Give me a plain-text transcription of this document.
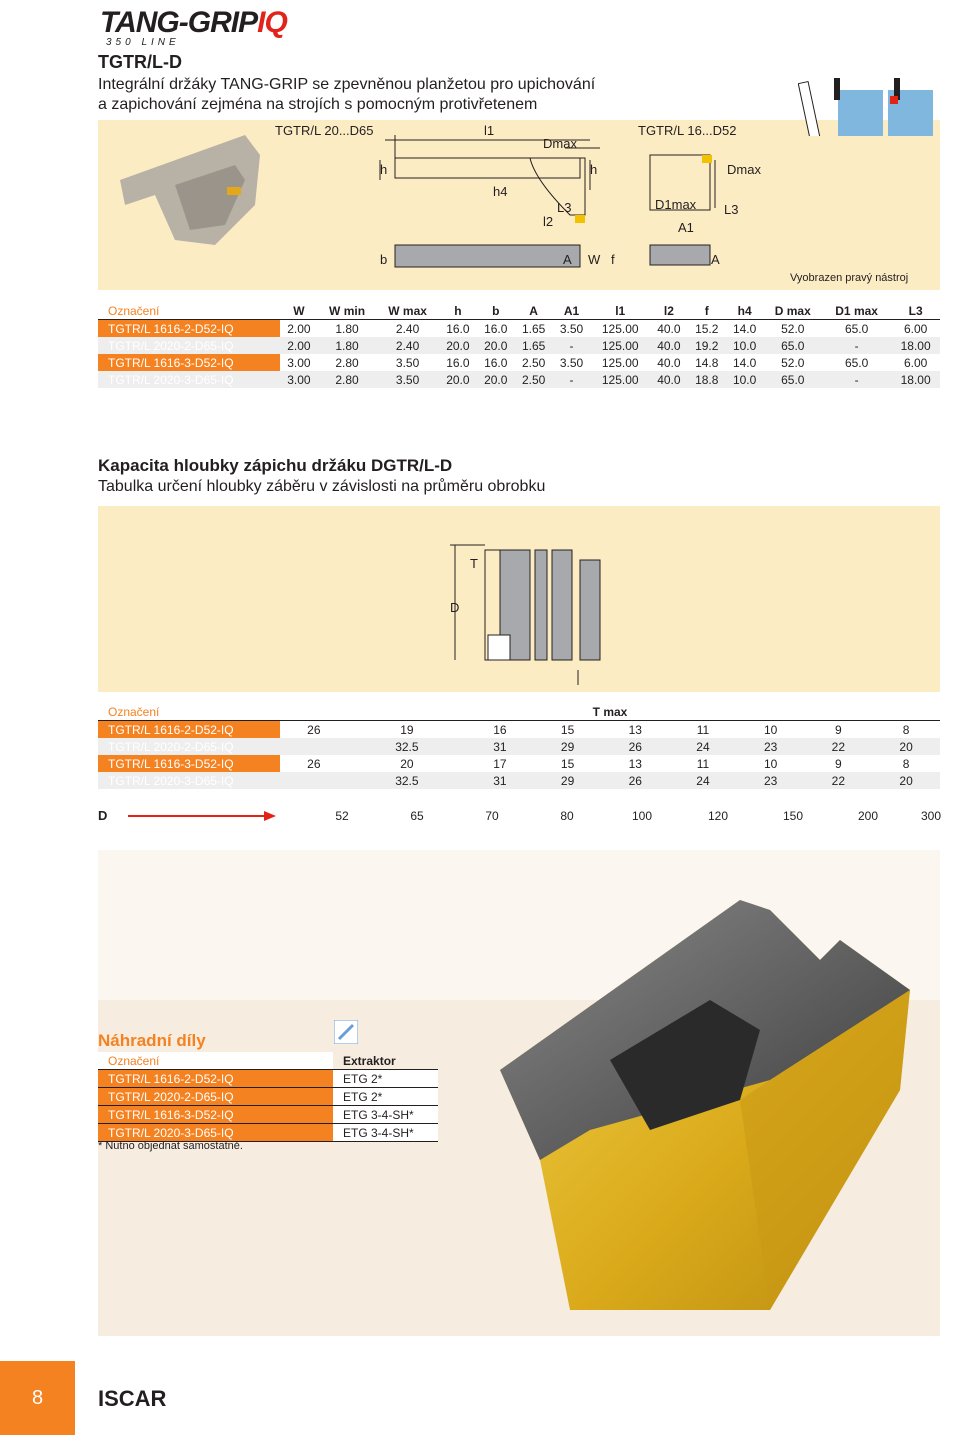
TANG-GRIPIQ
350 LINE
TGTR/L-D
Integrální držáky TANG-GRIP se zpevněnou planžetou pro upichování
a zapichování zejména na strojích s pomocným protivřetenem
TGTR/L 20...D65	TGTR/L 16...D52
l1
Dmax
h	h	Dmax
h4
D1max
L3	L3
l2	A1
b	A W f	A
Vyobrazen pravý nástroj
Označení	W	W min	W max	h	b	A	A1	l1	l2	f	h4	D max	D1 max	L3
TGTR/L 1616-2-D52-IQ	2.00	1.80	2.40	16.0	16.0	1.65	3.50	125.00	40.0	15.2	14.0	52.0	65.0	6.00
TGTR/L 2020-2-D65-IQ	2.00	1.80	2.40	20.0	20.0	1.65	-	125.00	40.0	19.2	10.0	65.0	-	18.00
TGTR/L 1616-3-D52-IQ	3.00	2.80	3.50	16.0	16.0	2.50	3.50	125.00	40.0	14.8	14.0	52.0	65.0	6.00
TGTR/L 2020-3-D65-IQ	3.00	2.80	3.50	20.0	20.0	2.50	-	125.00	40.0	18.8	10.0	65.0	-	18.00
Kapacita hloubky zápichu držáku DGTR/L-D
Tabulka určení hloubky záběru v závislosti na průměru obrobku
T
D
Označení	T max								
TGTR/L 1616-2-D52-IQ	26	19	16	15	13	11	10	9	8
TGTR/L 2020-2-D65-IQ		32.5	31	29	26	24	23	22	20
TGTR/L 1616-3-D52-IQ	26	20	17	15	13	11	10	9	8
TGTR/L 2020-3-D65-IQ		32.5	31	29	26	24	23	22	20
D	52	65	70	80	100	120	150	200	300
Náhradní díly
Označení	Extraktor
TGTR/L 1616-2-D52-IQ	ETG 2*
TGTR/L 2020-2-D65-IQ	ETG 2*
TGTR/L 1616-3-D52-IQ	ETG 3-4-SH*
TGTR/L 2020-3-D65-IQ	ETG 3-4-SH*
* Nutno objednat samostatně.
8	ISCAR
